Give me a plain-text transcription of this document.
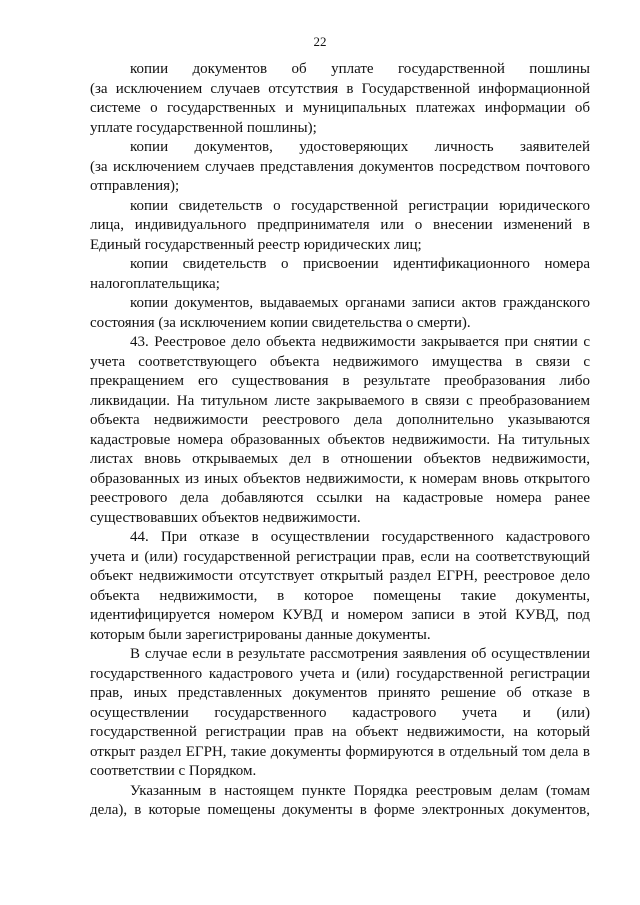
22
копии документов об уплате государственной пошлины
(за исключением случаев отсутствия в Государственной информационной
системе о государственных и муниципальных платежах информации об
уплате государственной пошлины);
копии документов, удостоверяющих личность заявителей
(за исключением случаев представления документов посредством почтового
отправления);
копии свидетельств о государственной регистрации юридического
лица, индивидуального предпринимателя или о внесении изменений в
Единый государственный реестр юридических лиц;
копии свидетельств о присвоении идентификационного номера
налогоплательщика;
копии документов, выдаваемых органами записи актов гражданского
состояния (за исключением копии свидетельства о смерти).
43. Реестровое дело объекта недвижимости закрывается при снятии с
учета соответствующего объекта недвижимого имущества в связи с
прекращением его существования в результате преобразования либо
ликвидации. На титульном листе закрываемого в связи с преобразованием
объекта недвижимости реестрового дела дополнительно указываются
кадастровые номера образованных объектов недвижимости. На титульных
листах вновь открываемых дел в отношении объектов недвижимости,
образованных из иных объектов недвижимости, к номерам вновь открытого
реестрового дела добавляются ссылки на кадастровые номера ранее
существовавших объектов недвижимости.
44. При отказе в осуществлении государственного кадастрового
учета и (или) государственной регистрации прав, если на соответствующий
объект недвижимости отсутствует открытый раздел ЕГРН, реестровое дело
объекта недвижимости, в которое помещены такие документы,
идентифицируется номером КУВД и номером записи в этой КУВД, под
которым были зарегистрированы данные документы.
В случае если в результате рассмотрения заявления об осуществлении
государственного кадастрового учета и (или) государственной регистрации
прав, иных представленных документов принято решение об отказе в
осуществлении государственного кадастрового учета и (или)
государственной регистрации прав на объект недвижимости, на который
открыт раздел ЕГРН, такие документы формируются в отдельный том дела в
соответствии с Порядком.
Указанным в настоящем пункте Порядка реестровым делам (томам
дела), в которые помещены документы в форме электронных документов,
